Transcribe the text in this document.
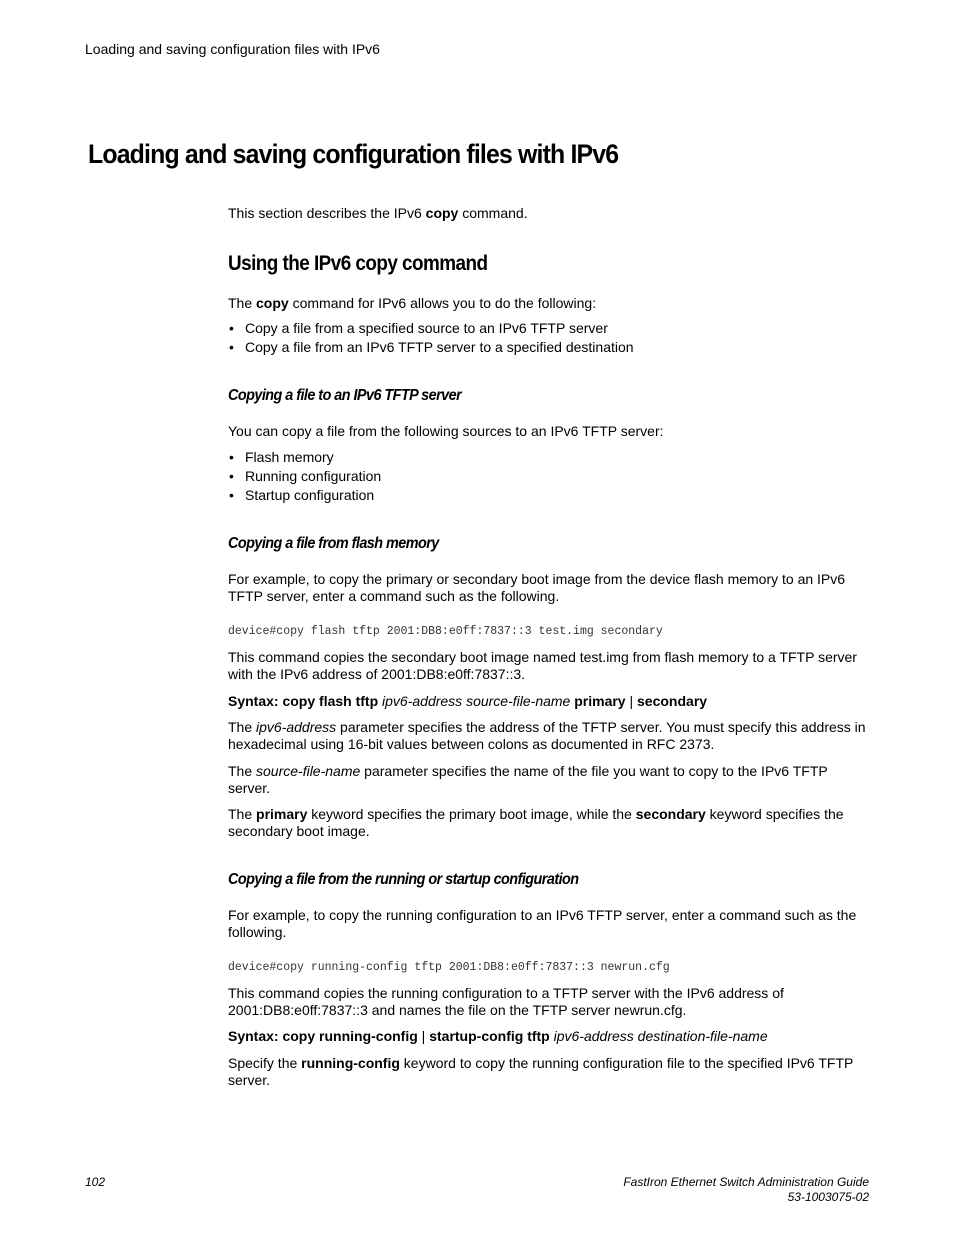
Loading and saving configuration files with IPv6
Loading and saving configuration files with IPv6
This section describes the IPv6 copy command.
Using the IPv6 copy command
The copy command for IPv6 allows you to do the following:
• Copy a file from a specified source to an IPv6 TFTP server
• Copy a file from an IPv6 TFTP server to a specified destination
Copying a file to an IPv6 TFTP server
You can copy a file from the following sources to an IPv6 TFTP server:
• Flash memory
• Running configuration
• Startup configuration
Copying a file from flash memory
For example, to copy the primary or secondary boot image from the device flash memory to an IPv6 TFTP server, enter a command such as the following.
device#copy flash tftp 2001:DB8:e0ff:7837::3 test.img secondary
This command copies the secondary boot image named test.img from flash memory to a TFTP server with the IPv6 address of 2001:DB8:e0ff:7837::3.
Syntax: copy flash tftp ipv6-address source-file-name primary | secondary
The ipv6-address parameter specifies the address of the TFTP server. You must specify this address in hexadecimal using 16-bit values between colons as documented in RFC 2373.
The source-file-name parameter specifies the name of the file you want to copy to the IPv6 TFTP server.
The primary keyword specifies the primary boot image, while the secondary keyword specifies the secondary boot image.
Copying a file from the running or startup configuration
For example, to copy the running configuration to an IPv6 TFTP server, enter a command such as the following.
device#copy running-config tftp 2001:DB8:e0ff:7837::3 newrun.cfg
This command copies the running configuration to a TFTP server with the IPv6 address of 2001:DB8:e0ff:7837::3 and names the file on the TFTP server newrun.cfg.
Syntax: copy running-config | startup-config tftp ipv6-address destination-file-name
Specify the running-config keyword to copy the running configuration file to the specified IPv6 TFTP server.
102	FastIron Ethernet Switch Administration Guide
53-1003075-02
